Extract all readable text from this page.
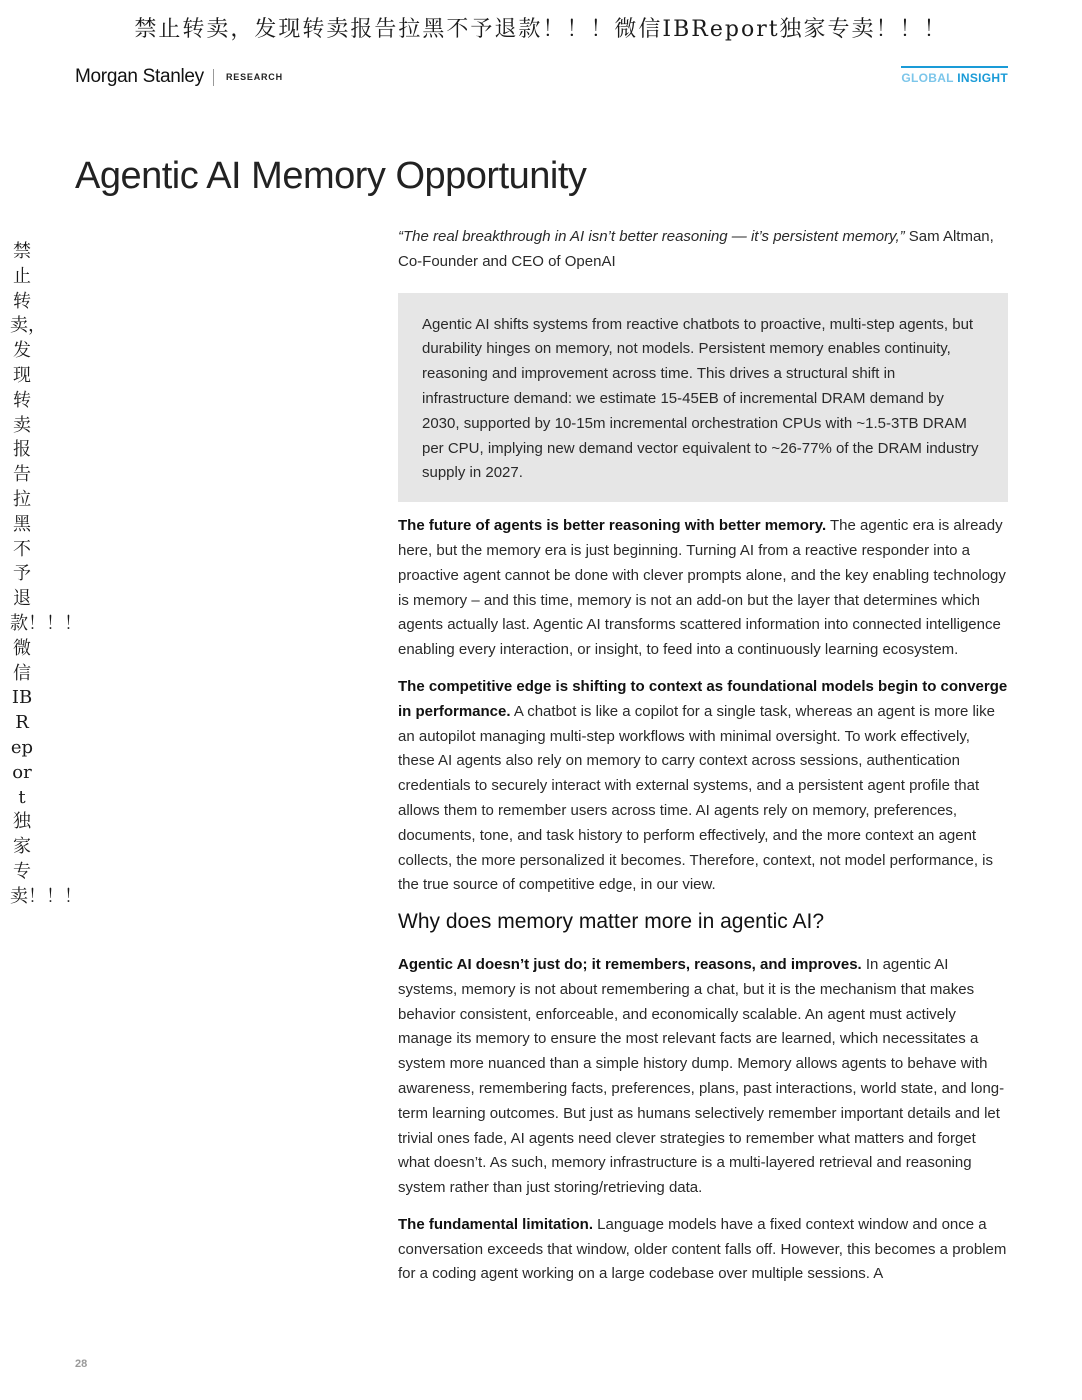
禁止转卖，发现转卖报告拉黑不予退款！！！微信IBReport独家专卖！！！
禁止转卖，发现转卖报告拉黑不予退款！！！微信IBReport独家专卖！！！
Morgan Stanley RESEARCH	GLOBAL INSIGHT
Agentic AI Memory Opportunity

“The real breakthrough in AI isn’t better reasoning — it’s persistent memory,” Sam Altman, Co-Founder and CEO of OpenAI

Agentic AI shifts systems from reactive chatbots to proactive, multi-step agents, but durability hinges on memory, not models. Persistent memory enables continuity, reasoning and improvement across time. This drives a structural shift in infrastructure demand: we estimate 15-45EB of incremental DRAM demand by 2030, supported by 10-15m incremental orchestration CPUs with ~1.5-3TB DRAM per CPU, implying new demand vector equivalent to ~26-77% of the DRAM industry supply in 2027.

The future of agents is better reasoning with better memory. The agentic era is already here, but the memory era is just beginning. Turning AI from a reactive responder into a proactive agent cannot be done with clever prompts alone, and the key enabling technology is memory – and this time, memory is not an add-on but the layer that determines which agents actually last. Agentic AI transforms scattered information into connected intelligence enabling every interaction, or insight, to feed into a continuously learning ecosystem.

The competitive edge is shifting to context as foundational models begin to converge in performance. A chatbot is like a copilot for a single task, whereas an agent is more like an autopilot managing multi-step workflows with minimal oversight. To work effectively, these AI agents also rely on memory to carry context across sessions, authentication credentials to securely interact with external systems, and a persistent agent profile that allows them to remember users across time. AI agents rely on memory, preferences, documents, tone, and task history to perform effectively, and the more context an agent collects, the more personalized it becomes. Therefore, context, not model performance, is the true source of competitive edge, in our view.

Why does memory matter more in agentic AI?

Agentic AI doesn’t just do; it remembers, reasons, and improves. In agentic AI systems, memory is not about remembering a chat, but it is the mechanism that makes behavior consistent, enforceable, and economically scalable. An agent must actively manage its memory to ensure the most relevant facts are learned, which necessitates a system more nuanced than a simple history dump. Memory allows agents to behave with awareness, remembering facts, preferences, plans, past interactions, world state, and long-term learning outcomes. But just as humans selectively remember important details and let trivial ones fade, AI agents need clever strategies to remember what matters and forget what doesn’t. As such, memory infrastructure is a multi-layered retrieval and reasoning system rather than just storing/retrieving data.

The fundamental limitation. Language models have a fixed context window and once a conversation exceeds that window, older content falls off. However, this becomes a problem for a coding agent working on a large codebase over multiple sessions. A

28
